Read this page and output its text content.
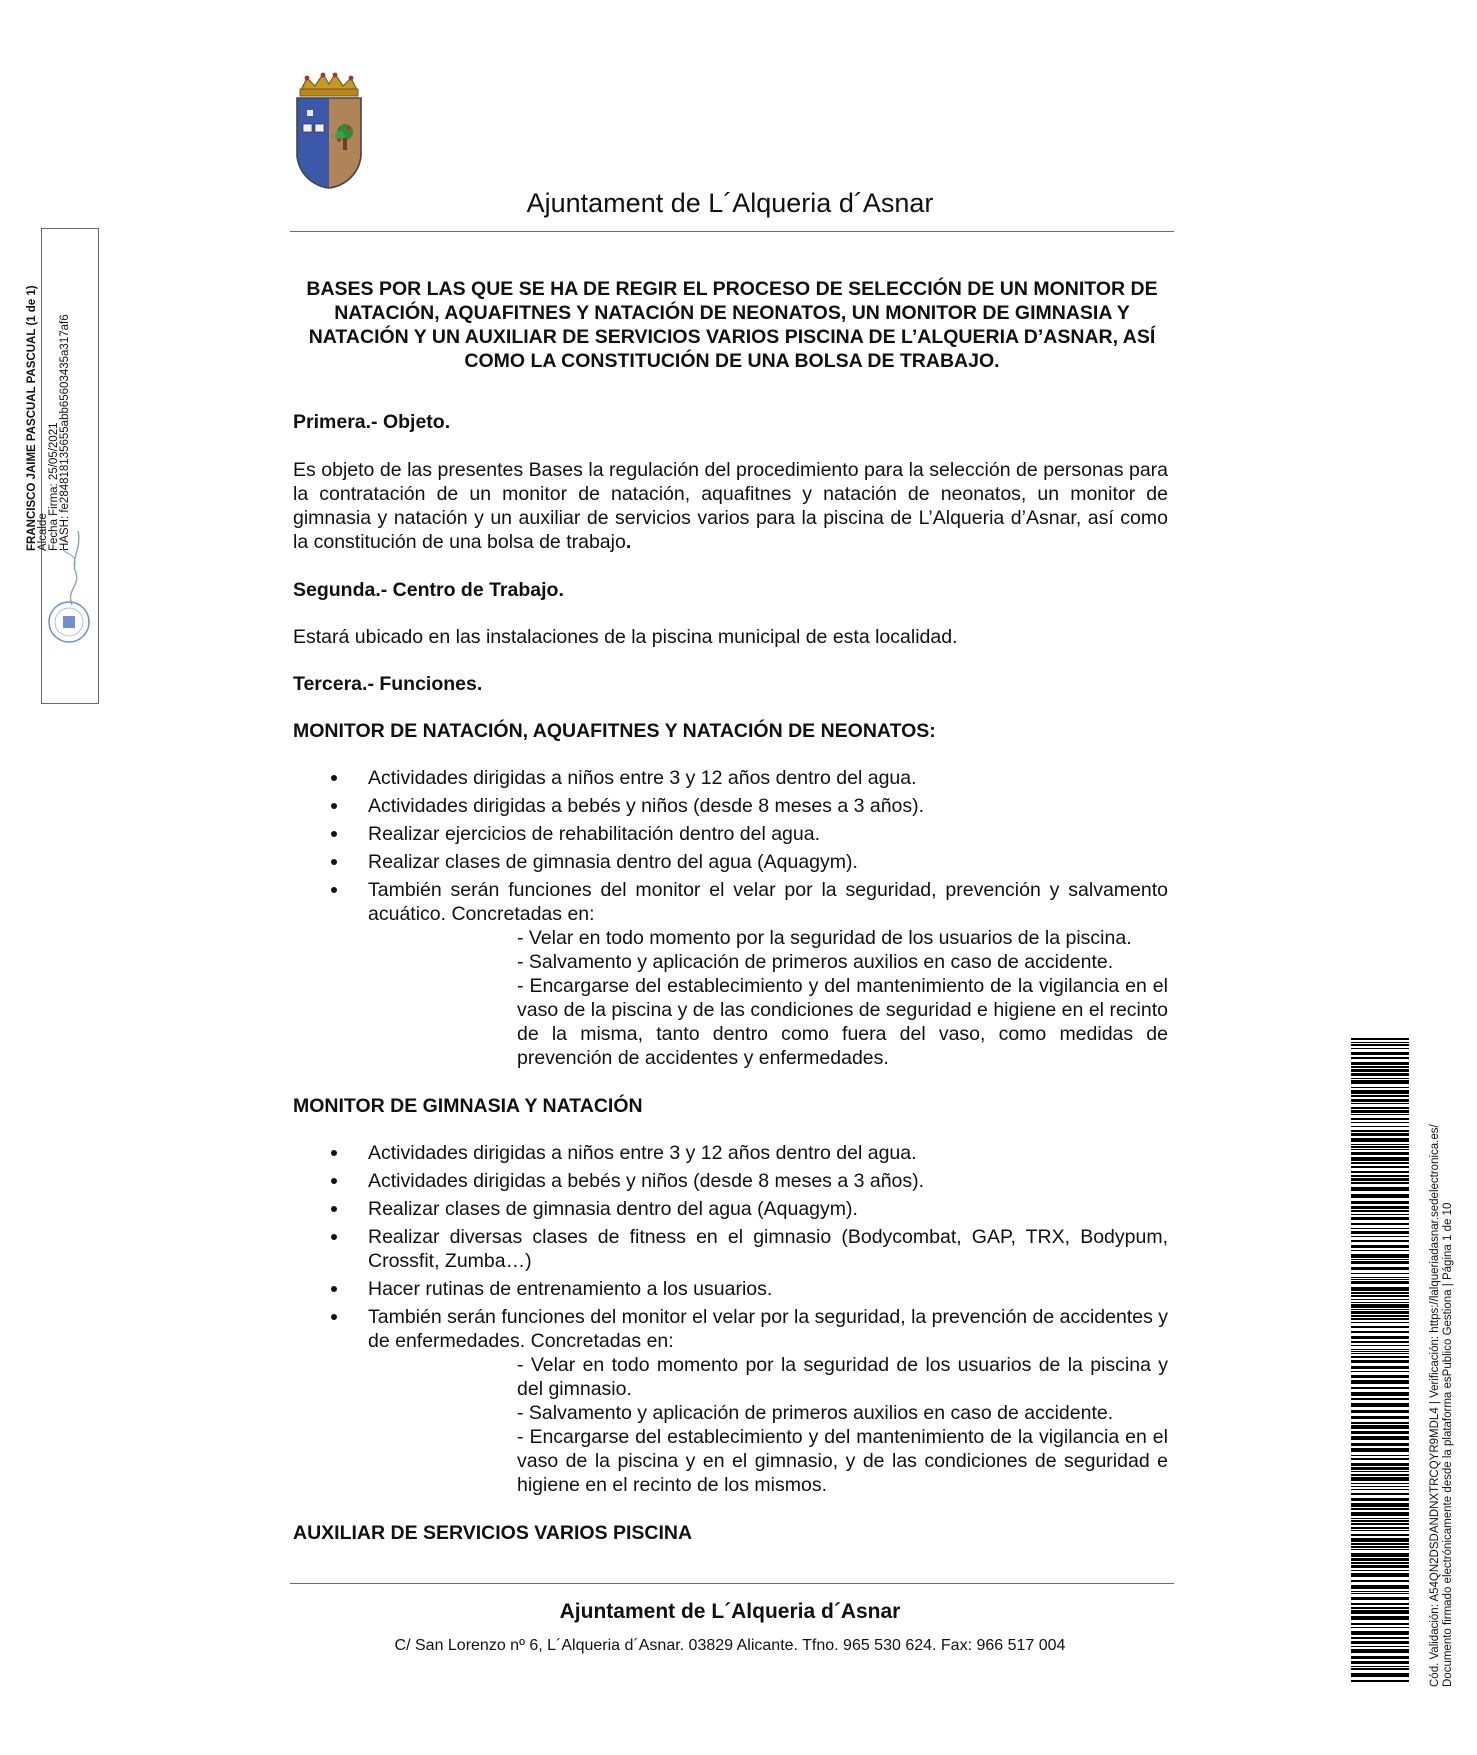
Ajuntament de L´Alqueria d´Asnar
BASES POR LAS QUE SE HA DE REGIR EL PROCESO DE SELECCIÓN DE UN MONITOR DE NATACIÓN, AQUAFITNES Y NATACIÓN DE NEONATOS, UN MONITOR DE GIMNASIA Y NATACIÓN Y UN AUXILIAR DE SERVICIOS VARIOS PISCINA DE L’ALQUERIA D’ASNAR, ASÍ COMO LA CONSTITUCIÓN DE UNA BOLSA DE TRABAJO.

Primera.- Objeto.

Es objeto de las presentes Bases la regulación del procedimiento para la selección de personas para la contratación de un monitor de natación, aquafitnes y natación de neonatos, un monitor de gimnasia y natación y un auxiliar de servicios varios para la piscina de L’Alqueria d’Asnar, así como la constitución de una bolsa de trabajo.

Segunda.- Centro de Trabajo.

Estará ubicado en las instalaciones de la piscina municipal de esta localidad.

Tercera.- Funciones.

MONITOR DE NATACIÓN, AQUAFITNES Y NATACIÓN DE NEONATOS:

Actividades dirigidas a niños entre 3 y 12 años dentro del agua.
Actividades dirigidas a bebés y niños (desde 8 meses a 3 años).
Realizar ejercicios de rehabilitación dentro del agua.
Realizar clases de gimnasia dentro del agua (Aquagym).
También serán funciones del monitor el velar por la seguridad, prevención y salvamento acuático. Concretadas en:
- Velar en todo momento por la seguridad de los usuarios de la piscina.
- Salvamento y aplicación de primeros auxilios en caso de accidente.
- Encargarse del establecimiento y del mantenimiento de la vigilancia en el vaso de la piscina y de las condiciones de seguridad e higiene en el recinto de la misma, tanto dentro como fuera del vaso, como medidas de prevención de accidentes y enfermedades.

MONITOR DE GIMNASIA Y NATACIÓN

Actividades dirigidas a niños entre 3 y 12 años dentro del agua.
Actividades dirigidas a bebés y niños (desde 8 meses a 3 años).
Realizar clases de gimnasia dentro del agua (Aquagym).
Realizar diversas clases de fitness en el gimnasio (Bodycombat, GAP, TRX, Bodypum, Crossfit, Zumba…)
Hacer rutinas de entrenamiento a los usuarios.
También serán funciones del monitor el velar por la seguridad, la prevención de accidentes y de enfermedades. Concretadas en:
- Velar en todo momento por la seguridad de los usuarios de la piscina y del gimnasio.
- Salvamento y aplicación de primeros auxilios en caso de accidente.
- Encargarse del establecimiento y del mantenimiento de la vigilancia en el vaso de la piscina y en el gimnasio, y de las condiciones de seguridad e higiene en el recinto de los mismos.

AUXILIAR DE SERVICIOS VARIOS PISCINA

Ajuntament de L´Alqueria d´Asnar
C/ San Lorenzo nº 6, L´Alqueria d´Asnar. 03829 Alicante. Tfno. 965 530 624. Fax: 966 517 004
FRANCISCO JAIME PASCUAL PASCUAL (1 de 1) Alcalde Fecha Firma: 25/05/2021 HASH: fe2848181356​55abb65603435a317af6
Cód. Validación: A54QN2DSDANDNXTRCQYR9MDL4 | Verificación: https://lalqueriadasnar.sedelectronica.es/ Documento firmado electrónicamente desde la plataforma esPublico Gestiona | Página 1 de 10
